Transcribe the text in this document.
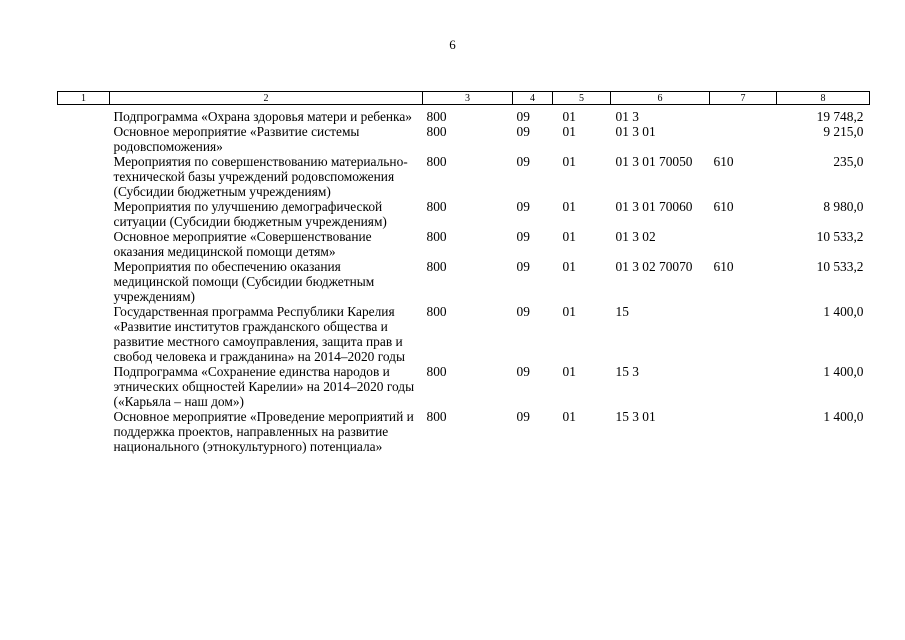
6
1	2	3	4	5	6	7	8
	Подпрограмма «Охрана здоровья матери и ребенка»	800	09	01	01 3		19 748,2
	Основное мероприятие «Развитие системы родовспоможения»	800	09	01	01 3 01		9 215,0
	Мероприятия по совершенствованию материально-технической базы учреждений родовспоможения (Субсидии бюджетным учреждениям)	800	09	01	01 3 01 70050	610	235,0
	Мероприятия по улучшению демографической ситуации (Субсидии бюджетным учреждениям)	800	09	01	01 3 01 70060	610	8 980,0
	Основное мероприятие «Совершенствование оказания медицинской помощи детям»	800	09	01	01 3 02		10 533,2
	Мероприятия по обеспечению оказания медицинской помощи (Субсидии бюджетным учреждениям)	800	09	01	01 3 02 70070	610	10 533,2
	Государственная программа Республики Карелия «Развитие институтов гражданского общества и развитие местного самоуправления, защита прав и свобод человека и гражданина» на 2014–2020 годы	800	09	01	15		1 400,0
	Подпрограмма «Сохранение единства народов и этнических общностей Карелии» на 2014–2020 годы («Карьяла – наш дом»)	800	09	01	15 3		1 400,0
	Основное мероприятие «Проведение мероприятий и поддержка проектов, направленных на развитие национального (этнокультурного) потенциала»	800	09	01	15 3 01		1 400,0
